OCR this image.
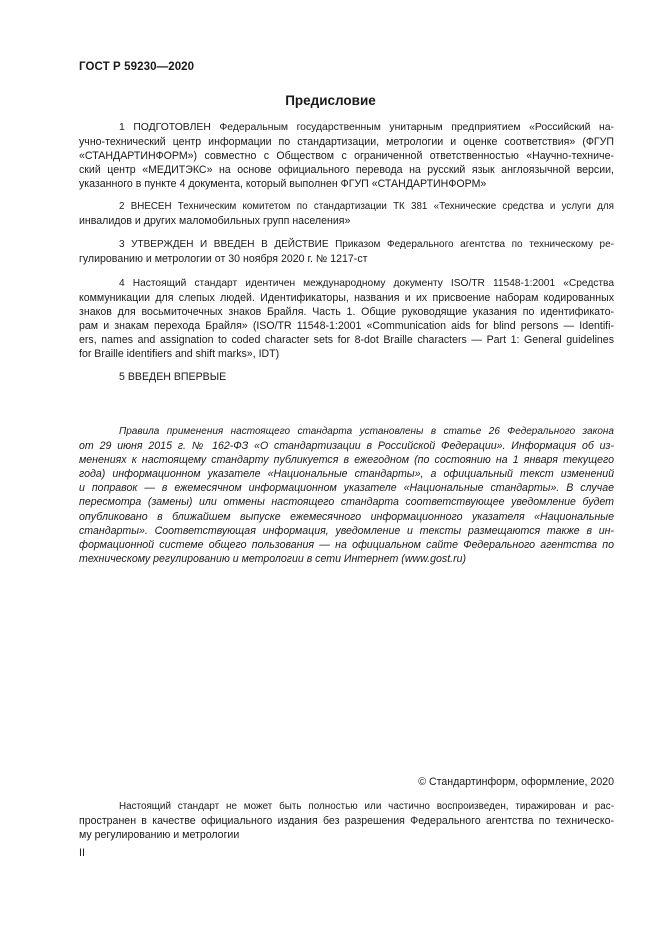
ГОСТ Р 59230—2020
Предисловие
1 ПОДГОТОВЛЕН Федеральным государственным унитарным предприятием «Российский на-
учно-технический центр информации по стандартизации, метрологии и оценке соответствия» (ФГУП
«СТАНДАРТИНФОРМ») совместно с Обществом с ограниченной ответственностью «Научно-техниче-
ский центр «МЕДИТЭКС» на основе официального перевода на русский язык англоязычной версии,
указанного в пункте 4 документа, который выполнен ФГУП «СТАНДАРТИНФОРМ»
2 ВНЕСЕН Техническим комитетом по стандартизации ТК 381 «Технические средства и услуги для
инвалидов и других маломобильных групп населения»
3 УТВЕРЖДЕН И ВВЕДЕН В ДЕЙСТВИЕ Приказом Федерального агентства по техническому ре-
гулированию и метрологии от 30 ноября 2020 г. № 1217-ст
4 Настоящий стандарт идентичен международному документу ISO/TR 11548-1:2001 «Средства
коммуникации для слепых людей. Идентификаторы, названия и их присвоение наборам кодированных
знаков для восьмиточечных знаков Брайля. Часть 1. Общие руководящие указания по идентификато-
рам и знакам перехода Брайля» (ISO/TR 11548-1:2001 «Communication aids for blind persons — Identifi-
ers, names and assignation to coded character sets for 8-dot Braille characters — Part 1: General guidelines
for Braille identifiers and shift marks», IDT)
5 ВВЕДЕН ВПЕРВЫЕ
Правила применения настоящего стандарта установлены в статье 26 Федерального закона
от 29 июня 2015 г. № 162-ФЗ «О стандартизации в Российской Федерации». Информация об из-
менениях к настоящему стандарту публикуется в ежегодном (по состоянию на 1 января текущего
года) информационном указателе «Национальные стандарты», а официальный текст изменений
и поправок — в ежемесячном информационном указателе «Национальные стандарты». В случае
пересмотра (замены) или отмены настоящего стандарта соответствующее уведомление будет
опубликовано в ближайшем выпуске ежемесячного информационного указателя «Национальные
стандарты». Соответствующая информация, уведомление и тексты размещаются также в ин-
формационной системе общего пользования — на официальном сайте Федерального агентства по
техническому регулированию и метрологии в сети Интернет (www.gost.ru)
© Стандартинформ, оформление, 2020
Настоящий стандарт не может быть полностью или частично воспроизведен, тиражирован и рас-
пространен в качестве официального издания без разрешения Федерального агентства по техническо-
му регулированию и метрологии
II
